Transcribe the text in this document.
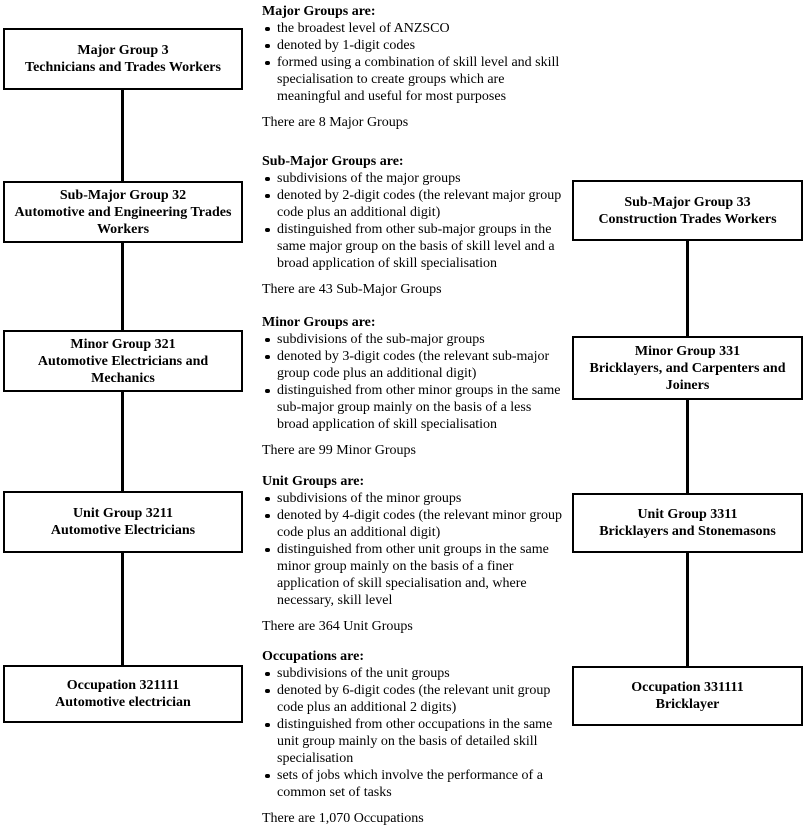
Major Group 3
Technicians and Trades Workers
Sub-Major Group 32
Automotive and Engineering Trades Workers
Minor Group 321
Automotive Electricians and Mechanics
Unit Group 3211
Automotive Electricians
Occupation 321111
Automotive electrician
Sub-Major Group 33
Construction Trades Workers
Minor Group 331
Bricklayers, and Carpenters and Joiners
Unit Group 3311
Bricklayers and Stonemasons
Occupation 331111
Bricklayer
Major Groups are:
the broadest level of ANZSCO
denoted by 1-digit codes
formed using a combination of skill level and skill specialisation to create groups which are meaningful and useful for most purposes
There are 8 Major Groups
Sub-Major Groups are:
subdivisions of the major groups
denoted by 2-digit codes (the relevant major group code plus an additional digit)
distinguished from other sub-major groups in the same major group on the basis of skill level and a broad application of skill specialisation
There are 43 Sub-Major Groups
Minor Groups are:
subdivisions of the sub-major groups
denoted by 3-digit codes (the relevant sub-major group code plus an additional digit)
distinguished from other minor groups in the same sub-major group mainly on the basis of a less broad application of skill specialisation
There are 99 Minor Groups
Unit Groups are:
subdivisions of the minor groups
denoted by 4-digit codes (the relevant minor group code plus an additional digit)
distinguished from other unit groups in the same minor group mainly on the basis of a finer application of skill specialisation and, where necessary, skill level
There are 364 Unit Groups
Occupations are:
subdivisions of the unit groups
denoted by 6-digit codes (the relevant unit group code plus an additional 2 digits)
distinguished from other occupations in the same unit group mainly on the basis of detailed skill specialisation
sets of jobs which involve the performance of a common set of tasks
There are 1,070 Occupations
